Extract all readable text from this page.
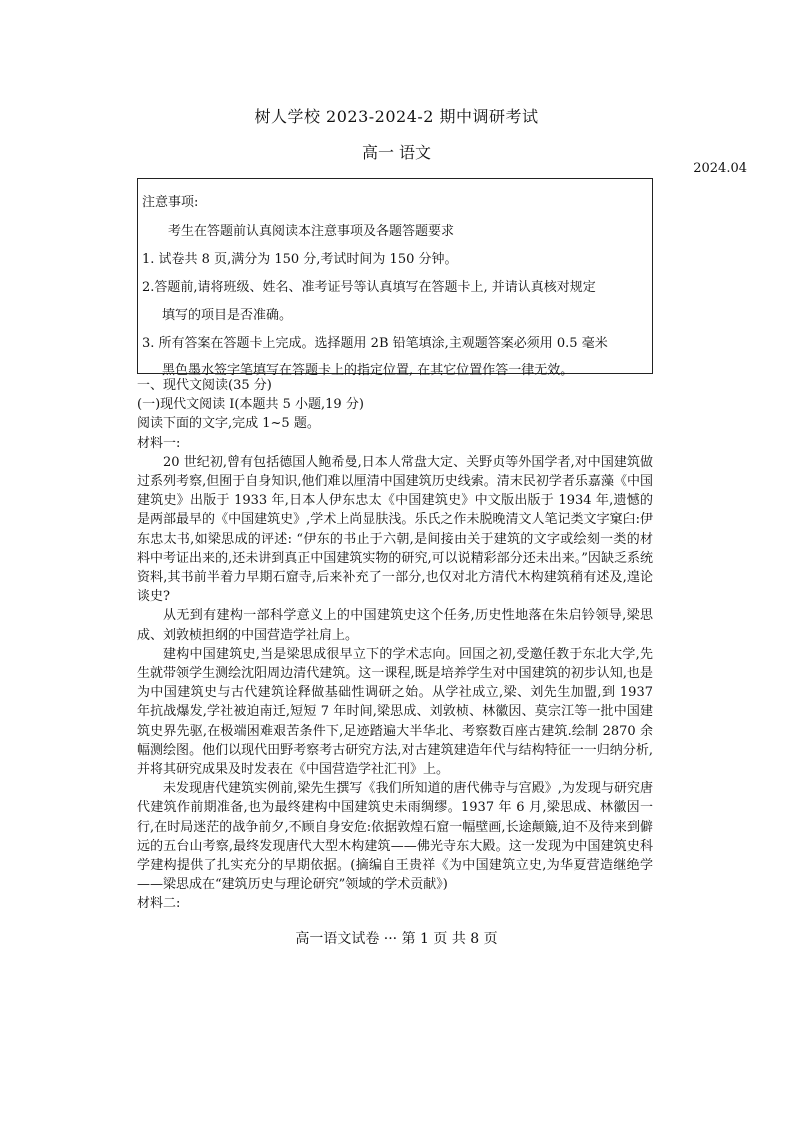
树人学校 2023-2024-2 期中调研考试
高一 语文
2024.04
注意事项:
考生在答题前认真阅读本注意事项及各题答题要求
1. 试卷共 8 页,满分为 150 分,考试时间为 150 分钟。
2.答题前,请将班级、姓名、准考证号等认真填写在答题卡上, 并请认真核对规定
填写的项目是否准确。
3. 所有答案在答题卡上完成。选择题用 2B 铅笔填涂,主观题答案必须用 0.5 毫米
黑色墨水签字笔填写在答题卡上的指定位置, 在其它位置作答一律无效。

一、现代文阅读(35 分)

(一)现代文阅读 I(本题共 5 小题,19 分)

阅读下面的文字,完成 1~5 题。

材料一:

20 世纪初,曾有包括德国人鲍希曼,日本人常盘大定、关野贞等外国学者,对中国建筑做过系列考察,但囿于自身知识,他们难以厘清中国建筑历史线索。清末民初学者乐嘉藻《中国建筑史》出版于 1933 年,日本人伊东忠太《中国建筑史》中文版出版于 1934 年,遗憾的是两部最早的《中国建筑史》,学术上尚显肤浅。乐氏之作未脱晚清文人笔记类文字窠臼:伊东忠太书,如梁思成的评述: “伊东的书止于六朝,是间接由关于建筑的文字或绘刻一类的材料中考证出来的,还未讲到真正中国建筑实物的研究,可以说精彩部分还未出来。”因缺乏系统资料,其书前半着力早期石窟寺,后来补充了一部分,也仅对北方清代木构建筑稍有述及,遑论谈史?

从无到有建构一部科学意义上的中国建筑史这个任务,历史性地落在朱启钤领导,梁思成、刘敦桢担纲的中国营造学社肩上。

建构中国建筑史,当是梁思成很早立下的学术志向。回国之初,受邀任教于东北大学,先生就带领学生测绘沈阳周边清代建筑。这一课程,既是培养学生对中国建筑的初步认知,也是为中国建筑史与古代建筑诠释做基础性调研之始。从学社成立,梁、刘先生加盟,到 1937 年抗战爆发,学社被迫南迁,短短 7 年时间,梁思成、刘敦桢、林徽因、莫宗江等一批中国建筑史界先驱,在极端困难艰苦条件下,足迹踏遍大半华北、考察数百座古建筑.绘制 2870 余幅测绘图。他们以现代田野考察考古研究方法,对古建筑建造年代与结构特征一一归纳分析,并将其研究成果及时发表在《中国营造学社汇刊》上。

未发现唐代建筑实例前,梁先生撰写《我们所知道的唐代佛寺与宫殿》,为发现与研究唐代建筑作前期准备,也为最终建构中国建筑史未雨绸缪。1937 年 6 月,梁思成、林徽因一行,在时局迷茫的战争前夕,不顾自身安危:依据敦煌石窟一幅壁画,长途颠簸,迫不及待来到僻远的五台山考察,最终发现唐代大型木构建筑——佛光寺东大殿。这一发现为中国建筑史科学建构提供了扎实充分的早期依据。(摘编自王贵祥《为中国建筑立史,为华夏营造继绝学——梁思成在“建筑历史与理论研究”领域的学术贡献》)

材料二:

高一语文试卷 ··· 第 1 页 共 8 页
